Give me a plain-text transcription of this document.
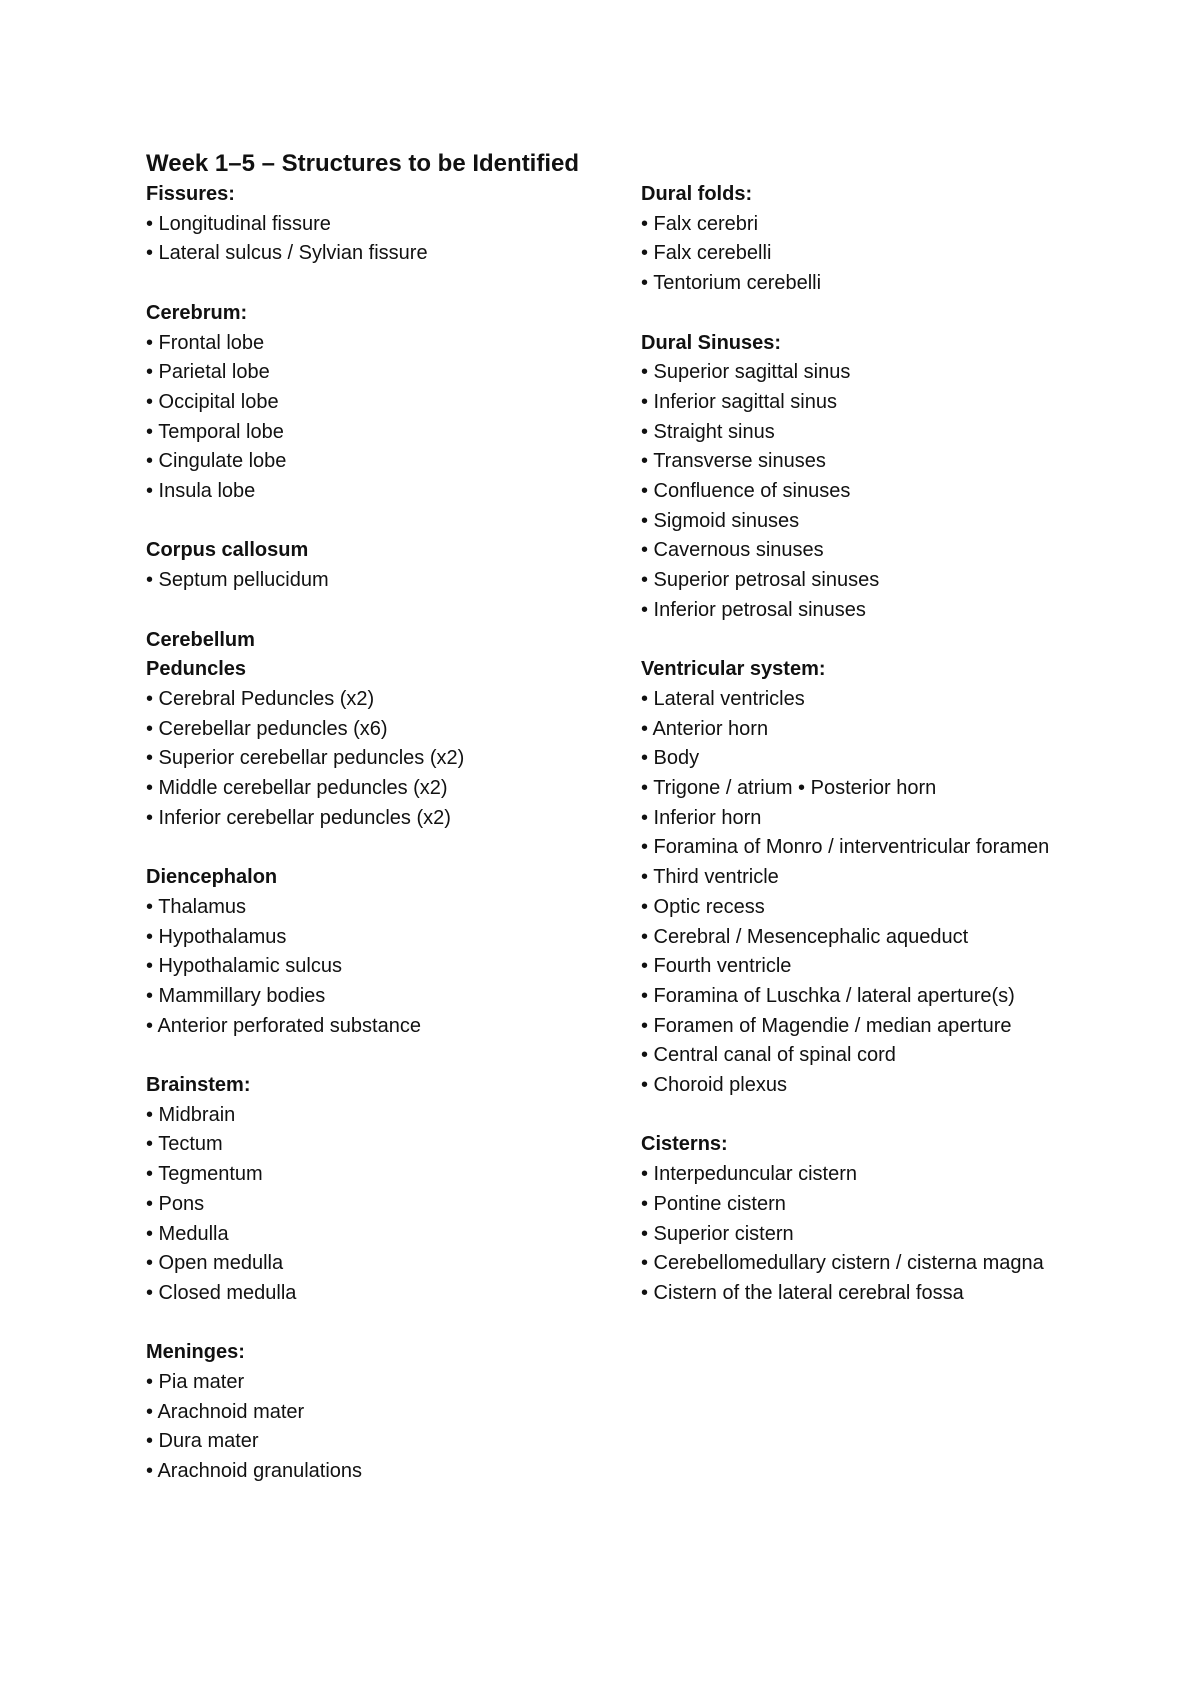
Week 1–5 – Structures to be Identified
Fissures:
• Longitudinal fissure
• Lateral sulcus / Sylvian fissure
Cerebrum:
• Frontal lobe
• Parietal lobe
• Occipital lobe
• Temporal lobe
• Cingulate lobe
• Insula lobe
Corpus callosum
• Septum pellucidum
Cerebellum
Peduncles
• Cerebral Peduncles (x2)
• Cerebellar peduncles (x6)
• Superior cerebellar peduncles (x2)
• Middle cerebellar peduncles (x2)
• Inferior cerebellar peduncles (x2)
Diencephalon
• Thalamus
• Hypothalamus
• Hypothalamic sulcus
• Mammillary bodies
• Anterior perforated substance
Brainstem:
• Midbrain
• Tectum
• Tegmentum
• Pons
• Medulla
• Open medulla
• Closed medulla
Meninges:
• Pia mater
• Arachnoid mater
• Dura mater
• Arachnoid granulations
Dural folds:
• Falx cerebri
• Falx cerebelli
• Tentorium cerebelli
Dural Sinuses:
• Superior sagittal sinus
• Inferior sagittal sinus
• Straight sinus
• Transverse sinuses
• Confluence of sinuses
• Sigmoid sinuses
• Cavernous sinuses
• Superior petrosal sinuses
• Inferior petrosal sinuses
Ventricular system:
• Lateral ventricles
• Anterior horn
• Body
• Trigone / atrium • Posterior horn
• Inferior horn
• Foramina of Monro / interventricular foramen
• Third ventricle
• Optic recess
• Cerebral / Mesencephalic aqueduct
• Fourth ventricle
• Foramina of Luschka / lateral aperture(s)
• Foramen of Magendie / median aperture
• Central canal of spinal cord
• Choroid plexus
Cisterns:
• Interpeduncular cistern
• Pontine cistern
• Superior cistern
• Cerebellomedullary cistern / cisterna magna
• Cistern of the lateral cerebral fossa
